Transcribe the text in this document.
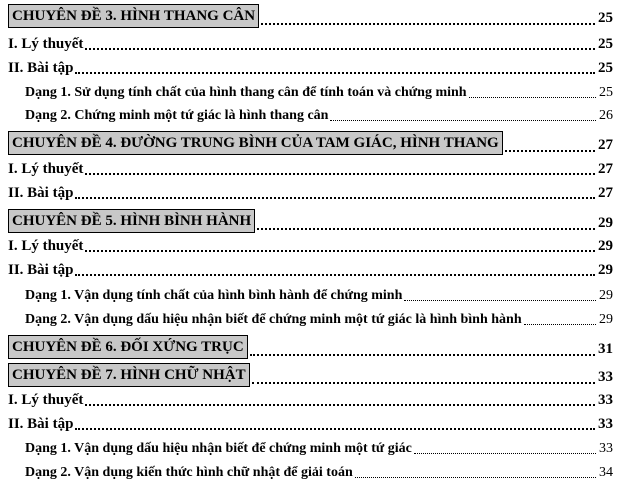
CHUYÊN ĐỀ 3. HÌNH THANG CÂN	25
I. Lý thuyết	25
II. Bài tập	25
Dạng 1. Sử dụng tính chất của hình thang cân để tính toán và chứng minh	25
Dạng 2. Chứng minh một tứ giác là hình thang cân	26
CHUYÊN ĐỀ 4. ĐƯỜNG TRUNG BÌNH CỦA TAM GIÁC, HÌNH THANG	27
I. Lý thuyết	27
II. Bài tập	27
CHUYÊN ĐỀ 5. HÌNH BÌNH HÀNH	29
I. Lý thuyết	29
II. Bài tập	29
Dạng 1. Vận dụng tính chất của hình bình hành để chứng minh	29
Dạng 2. Vận dụng dấu hiệu nhận biết để chứng minh một tứ giác là hình bình hành	29
CHUYÊN ĐỀ 6. ĐỐI XỨNG TRỤC	31
CHUYÊN ĐỀ 7. HÌNH CHỮ NHẬT	33
I. Lý thuyết	33
II. Bài tập	33
Dạng 1. Vận dụng dấu hiệu nhận biết để chứng minh một tứ giác	33
Dạng 2. Vận dụng kiến thức hình chữ nhật để giải toán	34
